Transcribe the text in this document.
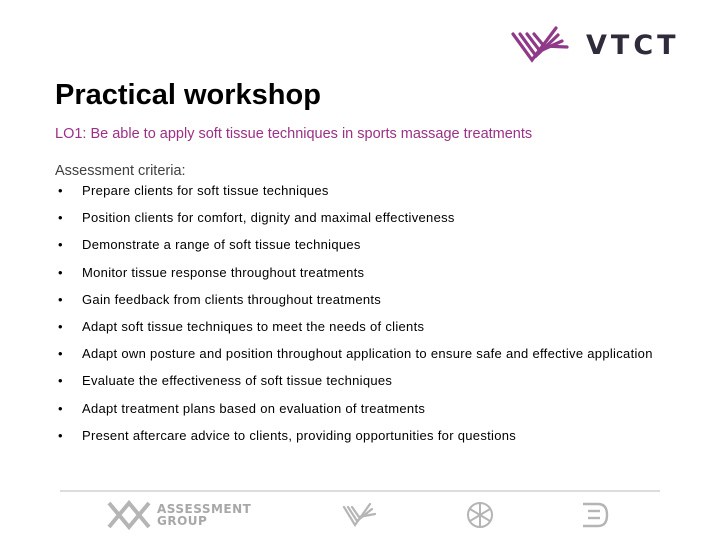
VTCT
Practical workshop
LO1: Be able to apply soft tissue techniques in sports massage treatments
Assessment criteria:
• Prepare clients for soft tissue techniques
• Position clients for comfort, dignity and maximal effectiveness
• Demonstrate a range of soft tissue techniques
• Monitor tissue response throughout treatments
• Gain feedback from clients throughout treatments
• Adapt soft tissue techniques to meet the needs of clients
• Adapt own posture and position throughout application to ensure safe and effective application
• Evaluate the effectiveness of soft tissue techniques
• Adapt treatment plans based on evaluation of treatments
• Present aftercare advice to clients, providing opportunities for questions
ASSESSMENT
GROUP
